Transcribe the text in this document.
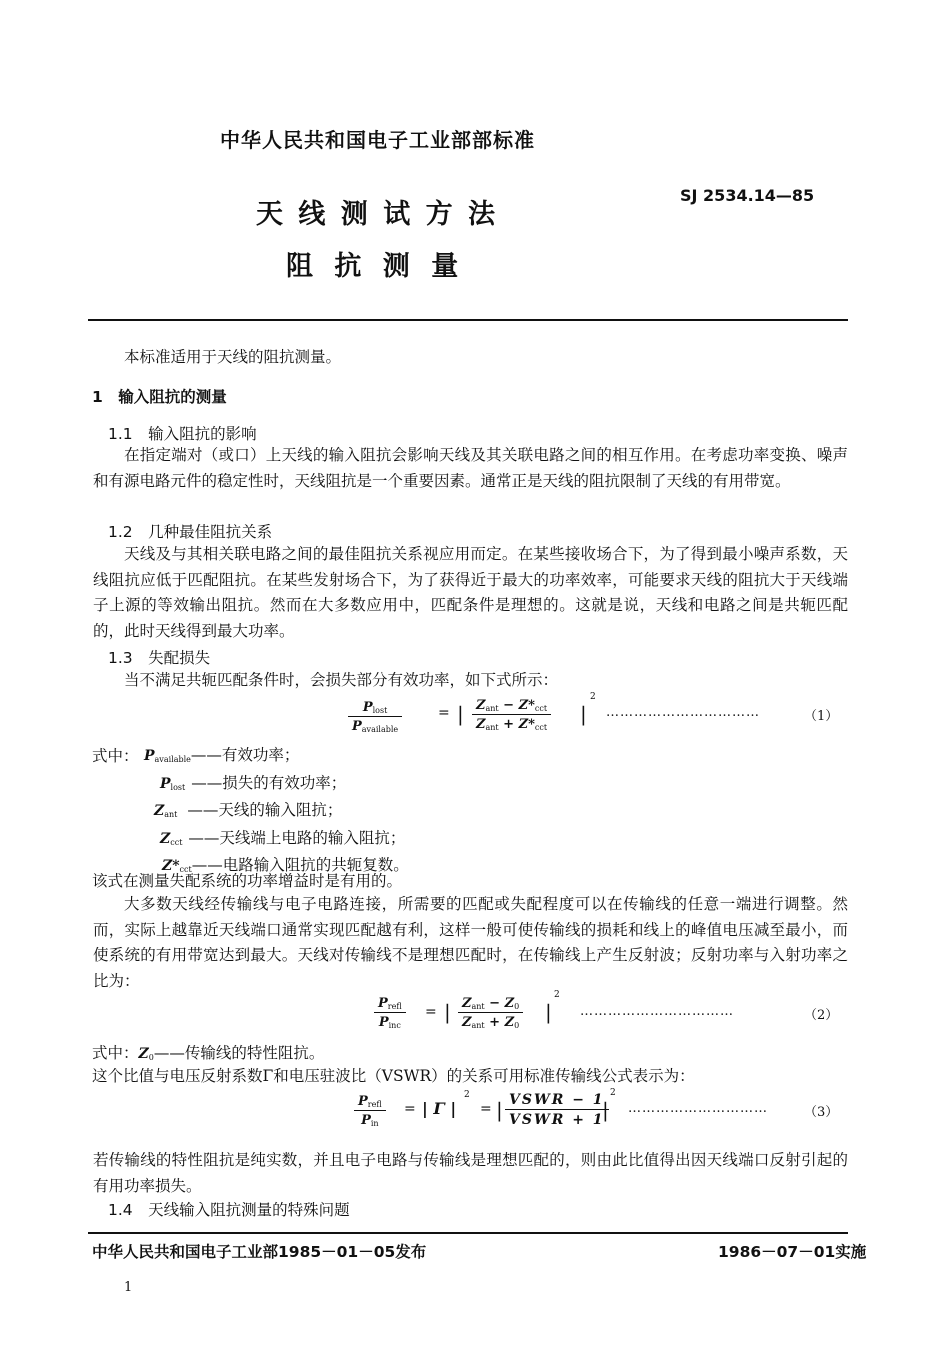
中华人民共和国电子工业部部标准
天 线 测 试 方 法
SJ 2534.14—85
阻 抗 测 量
本标准适用于天线的阻抗测量。
1　输入阻抗的测量
1.1　输入阻抗的影响
在指定端对（或口）上天线的输入阻抗会影响天线及其关联电路之间的相互作用。在考虑功率变换、噪声和有源电路元件的稳定性时，天线阻抗是一个重要因素。通常正是天线的阻抗限制了天线的有用带宽。
1.2　几种最佳阻抗关系
天线及与其相关联电路之间的最佳阻抗关系视应用而定。在某些接收场合下，为了得到最小噪声系数，天线阻抗应低于匹配阻抗。在某些发射场合下，为了获得近于最大的功率效率，可能要求天线的阻抗大于天线端子上源的等效输出阻抗。然而在大多数应用中，匹配条件是理想的。这就是说，天线和电路之间是共轭匹配的，此时天线得到最大功率。
1.3　失配损失
当不满足共轭匹配条件时，会损失部分有效功率，如下式所示：
$P_{lost}$
$P_{available}$
= | $Z_{ant} - Z*_{cct}$
$Z_{ant} + Z*_{cct}$
|
2
……………………………	（1）
式中： $P_{available}——$有效功率；
$P_{lost}$ ——损失的有效功率；
$Z_{ant}$ ——天线的输入阻抗；
$Z_{cct}$ ——天线端上电路的输入阻抗；
$Z*_{cct}——$电路输入阻抗的共轭复数。
该式在测量失配系统的功率增益时是有用的。
大多数天线经传输线与电子电路连接，所需要的匹配或失配程度可以在传输线的任意一端进行调整。然而，实际上越靠近天线端口通常实现匹配越有利，这样一般可使传输线的损耗和线上的峰值电压减至最小，而使系统的有用带宽达到最大。天线对传输线不是理想匹配时，在传输线上产生反射波；反射功率与入射功率之比为：
$P_{refl}$
$P_{inc}$
= | $Z_{ant} - Z_0$
$Z_{ant} + Z_0$
|
2
……………………………	（2）
式中：$Z_0——$传输线的特性阻抗。
这个比值与电压反射系数Γ和电压驻波比（VSWR）的关系可用标准传输线公式表示为：
$P_{refl}$
$P_{in}$
= | Γ |
2
= | VSWR − 1
VSWR + 1
|
2
…………………………	（3）
若传输线的特性阻抗是纯实数，并且电子电路与传输线是理想匹配的，则由此比值得出因天线端口反射引起的有用功率损失。
1.4　天线输入阻抗测量的特殊问题
中华人民共和国电子工业部1985－01－05发布	1986－07－01实施
1
